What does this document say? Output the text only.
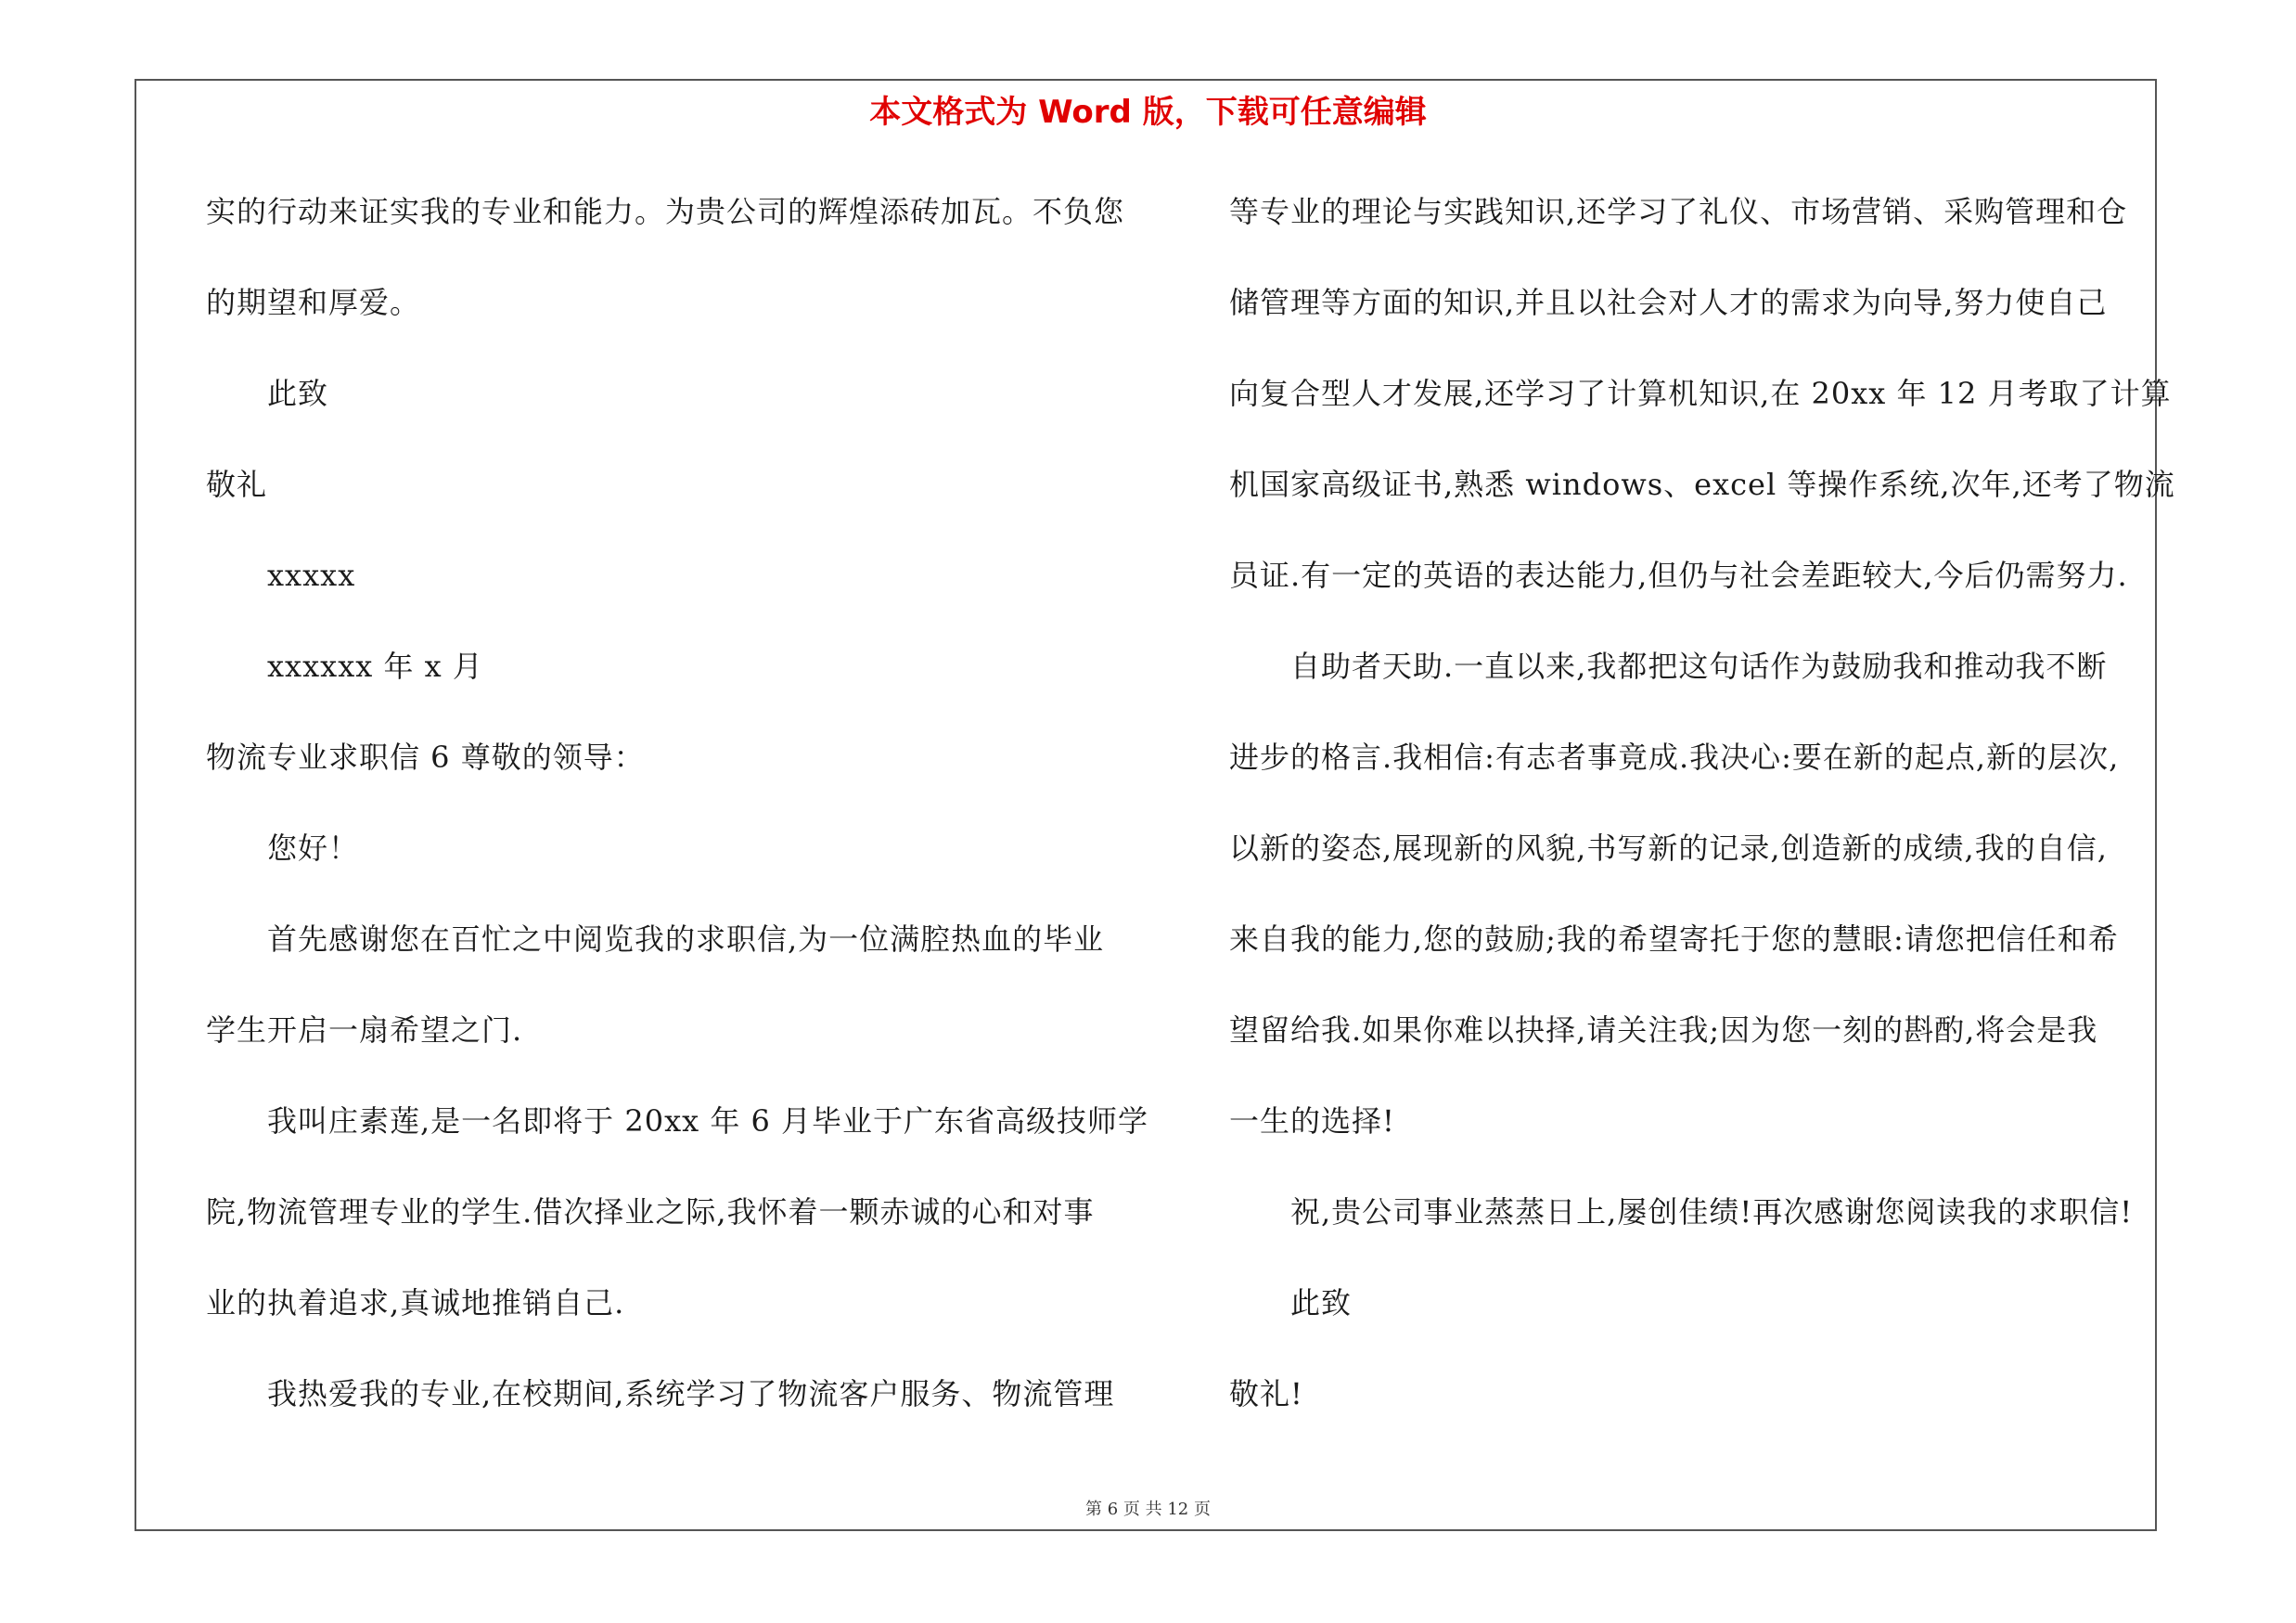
本文格式为 Word 版，下载可任意编辑
实的行动来证实我的专业和能力。为贵公司的辉煌添砖加瓦。不负您
的期望和厚爱。
此致
敬礼
xxxxx
xxxxxx 年 x 月
物流专业求职信 6 尊敬的领导：
您好！
首先感谢您在百忙之中阅览我的求职信,为一位满腔热血的毕业
学生开启一扇希望之门.
我叫庄素莲,是一名即将于 20xx 年 6 月毕业于广东省高级技师学
院,物流管理专业的学生.借次择业之际,我怀着一颗赤诚的心和对事
业的执着追求,真诚地推销自己.
我热爱我的专业,在校期间,系统学习了物流客户服务、物流管理
等专业的理论与实践知识,还学习了礼仪、市场营销、采购管理和仓
储管理等方面的知识,并且以社会对人才的需求为向导,努力使自己
向复合型人才发展,还学习了计算机知识,在 20xx 年 12 月考取了计算
机国家高级证书,熟悉 windows、excel 等操作系统,次年,还考了物流
员证.有一定的英语的表达能力,但仍与社会差距较大,今后仍需努力.
自助者天助.一直以来,我都把这句话作为鼓励我和推动我不断
进步的格言.我相信:有志者事竟成.我决心:要在新的起点,新的层次,
以新的姿态,展现新的风貌,书写新的记录,创造新的成绩,我的自信,
来自我的能力,您的鼓励;我的希望寄托于您的慧眼:请您把信任和希
望留给我.如果你难以抉择,请关注我;因为您一刻的斟酌,将会是我
一生的选择!
祝,贵公司事业蒸蒸日上,屡创佳绩!再次感谢您阅读我的求职信!
此致
敬礼!
第 6 页 共 12 页
